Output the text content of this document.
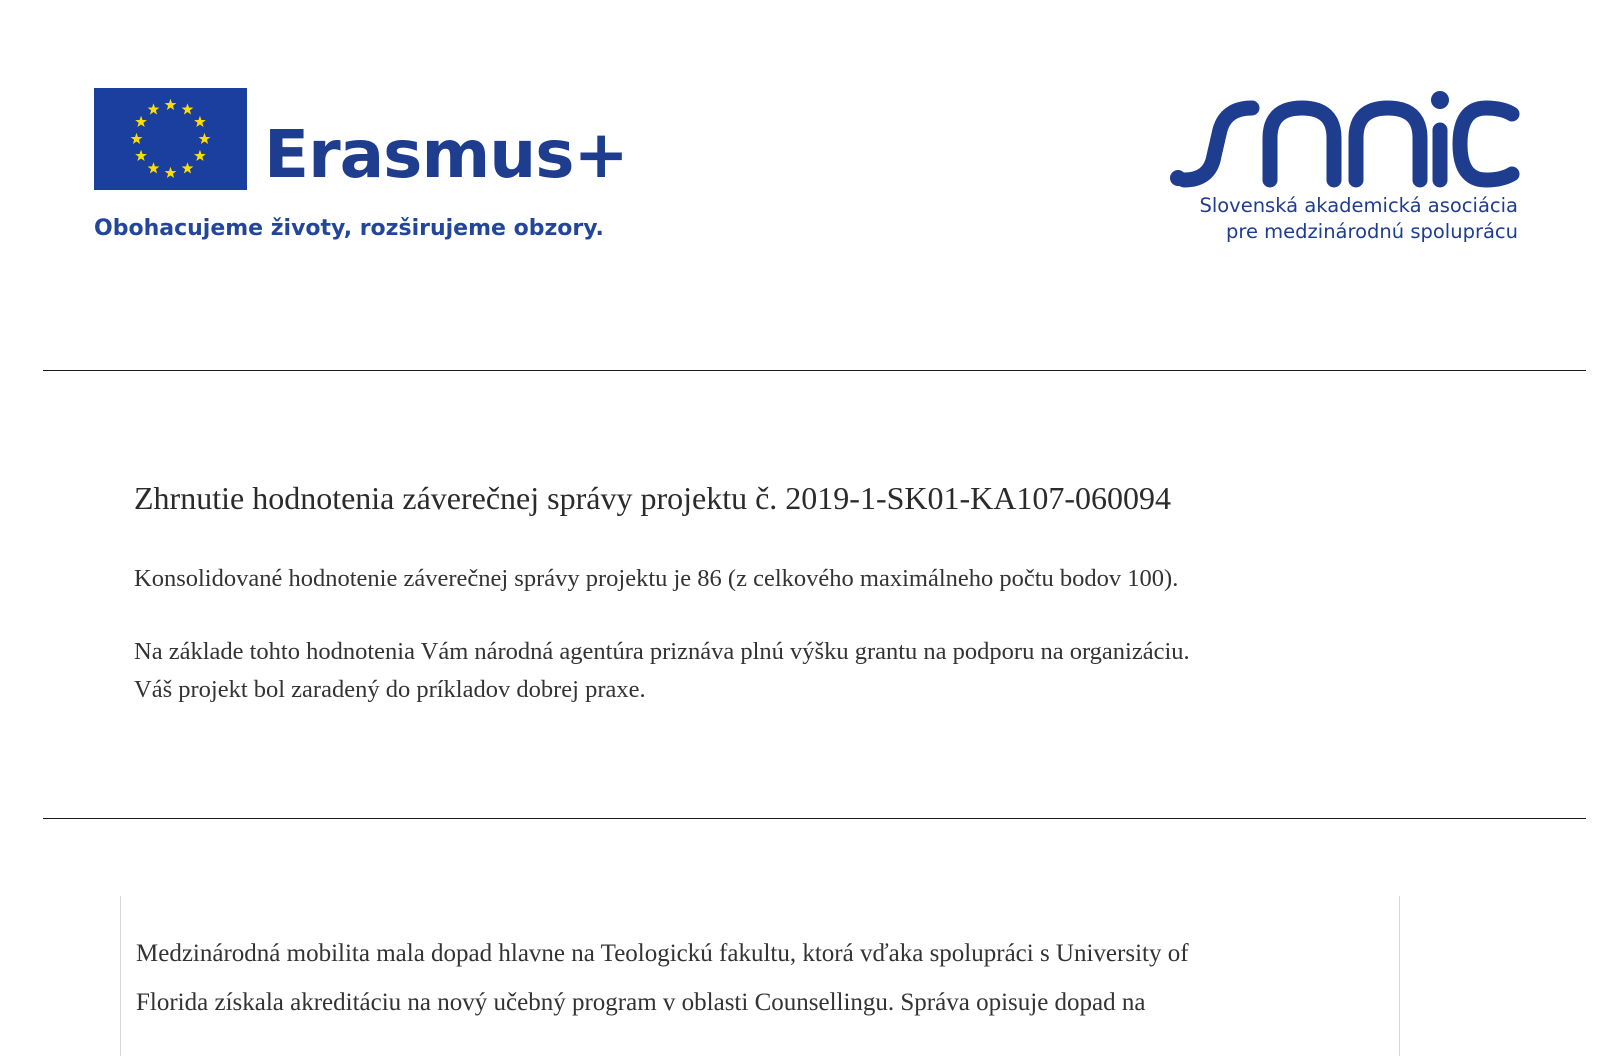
Erasmus+
Obohacujeme životy, rozširujeme obzory.
Slovenská akademická asociácia
pre medzinárodnú spoluprácu
Zhrnutie hodnotenia záverečnej správy projektu č. 2019-1-SK01-KA107-060094
Konsolidované hodnotenie záverečnej správy projektu je 86 (z celkového maximálneho počtu bodov 100).
Na základe tohto hodnotenia Vám národná agentúra priznáva plnú výšku grantu na podporu na organizáciu.
Váš projekt bol zaradený do príkladov dobrej praxe.
Medzinárodná mobilita mala dopad hlavne na Teologickú fakultu, ktorá vďaka spolupráci s University of
Florida získala akreditáciu na nový učebný program v oblasti Counsellingu. Správa opisuje dopad na
